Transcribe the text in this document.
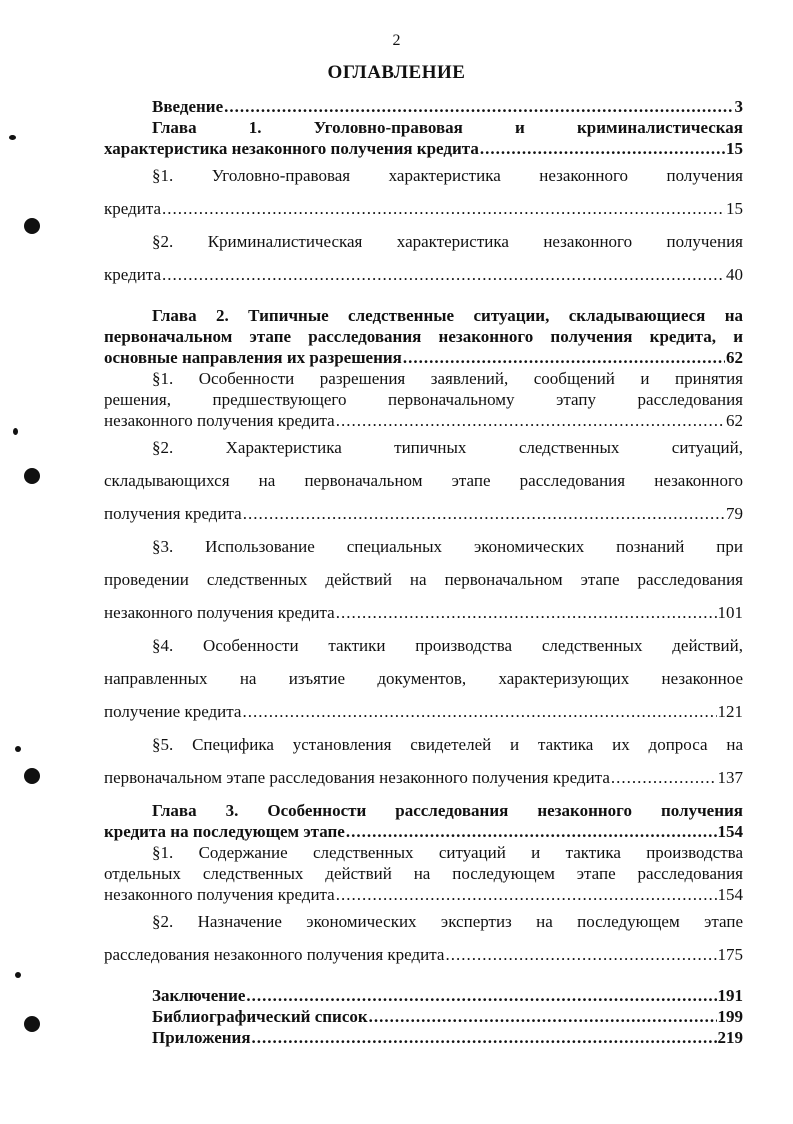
2
ОГЛАВЛЕНИЕ
Введение .....	3
Глава 1. Уголовно-правовая и криминалистическая
характеристика незаконного получения кредита .....	15
§1. Уголовно-правовая характеристика незаконного получения
кредита .....	15
§2. Криминалистическая характеристика незаконного получения
кредита .....	40
Глава 2. Типичные следственные ситуации, складывающиеся на
первоначальном этапе расследования незаконного получения кредита, и
основные направления их разрешения .....	62
§1. Особенности разрешения заявлений, сообщений и принятия
решения, предшествующего первоначальному этапу расследования
незаконного получения кредита .....	62
§2. Характеристика типичных следственных ситуаций,
складывающихся на первоначальном этапе расследования незаконного
получения кредита .....	79
§3. Использование специальных экономических познаний при
проведении следственных действий на первоначальном этапе расследования
незаконного получения кредита .....	101
§4. Особенности тактики производства следственных действий,
направленных на изъятие документов, характеризующих незаконное
получение кредита .....	121
§5. Специфика установления свидетелей и тактика их допроса на
первоначальном этапе расследования незаконного получения кредита .....	137
Глава 3. Особенности расследования незаконного получения
кредита на последующем этапе .....	154
§1. Содержание следственных ситуаций и тактика производства
отдельных следственных действий на последующем этапе расследования
незаконного получения кредита .....	154
§2. Назначение экономических экспертиз на последующем этапе
расследования незаконного получения кредита .....	175
Заключение .....	191
Библиографический список .....	199
Приложения .....	219
